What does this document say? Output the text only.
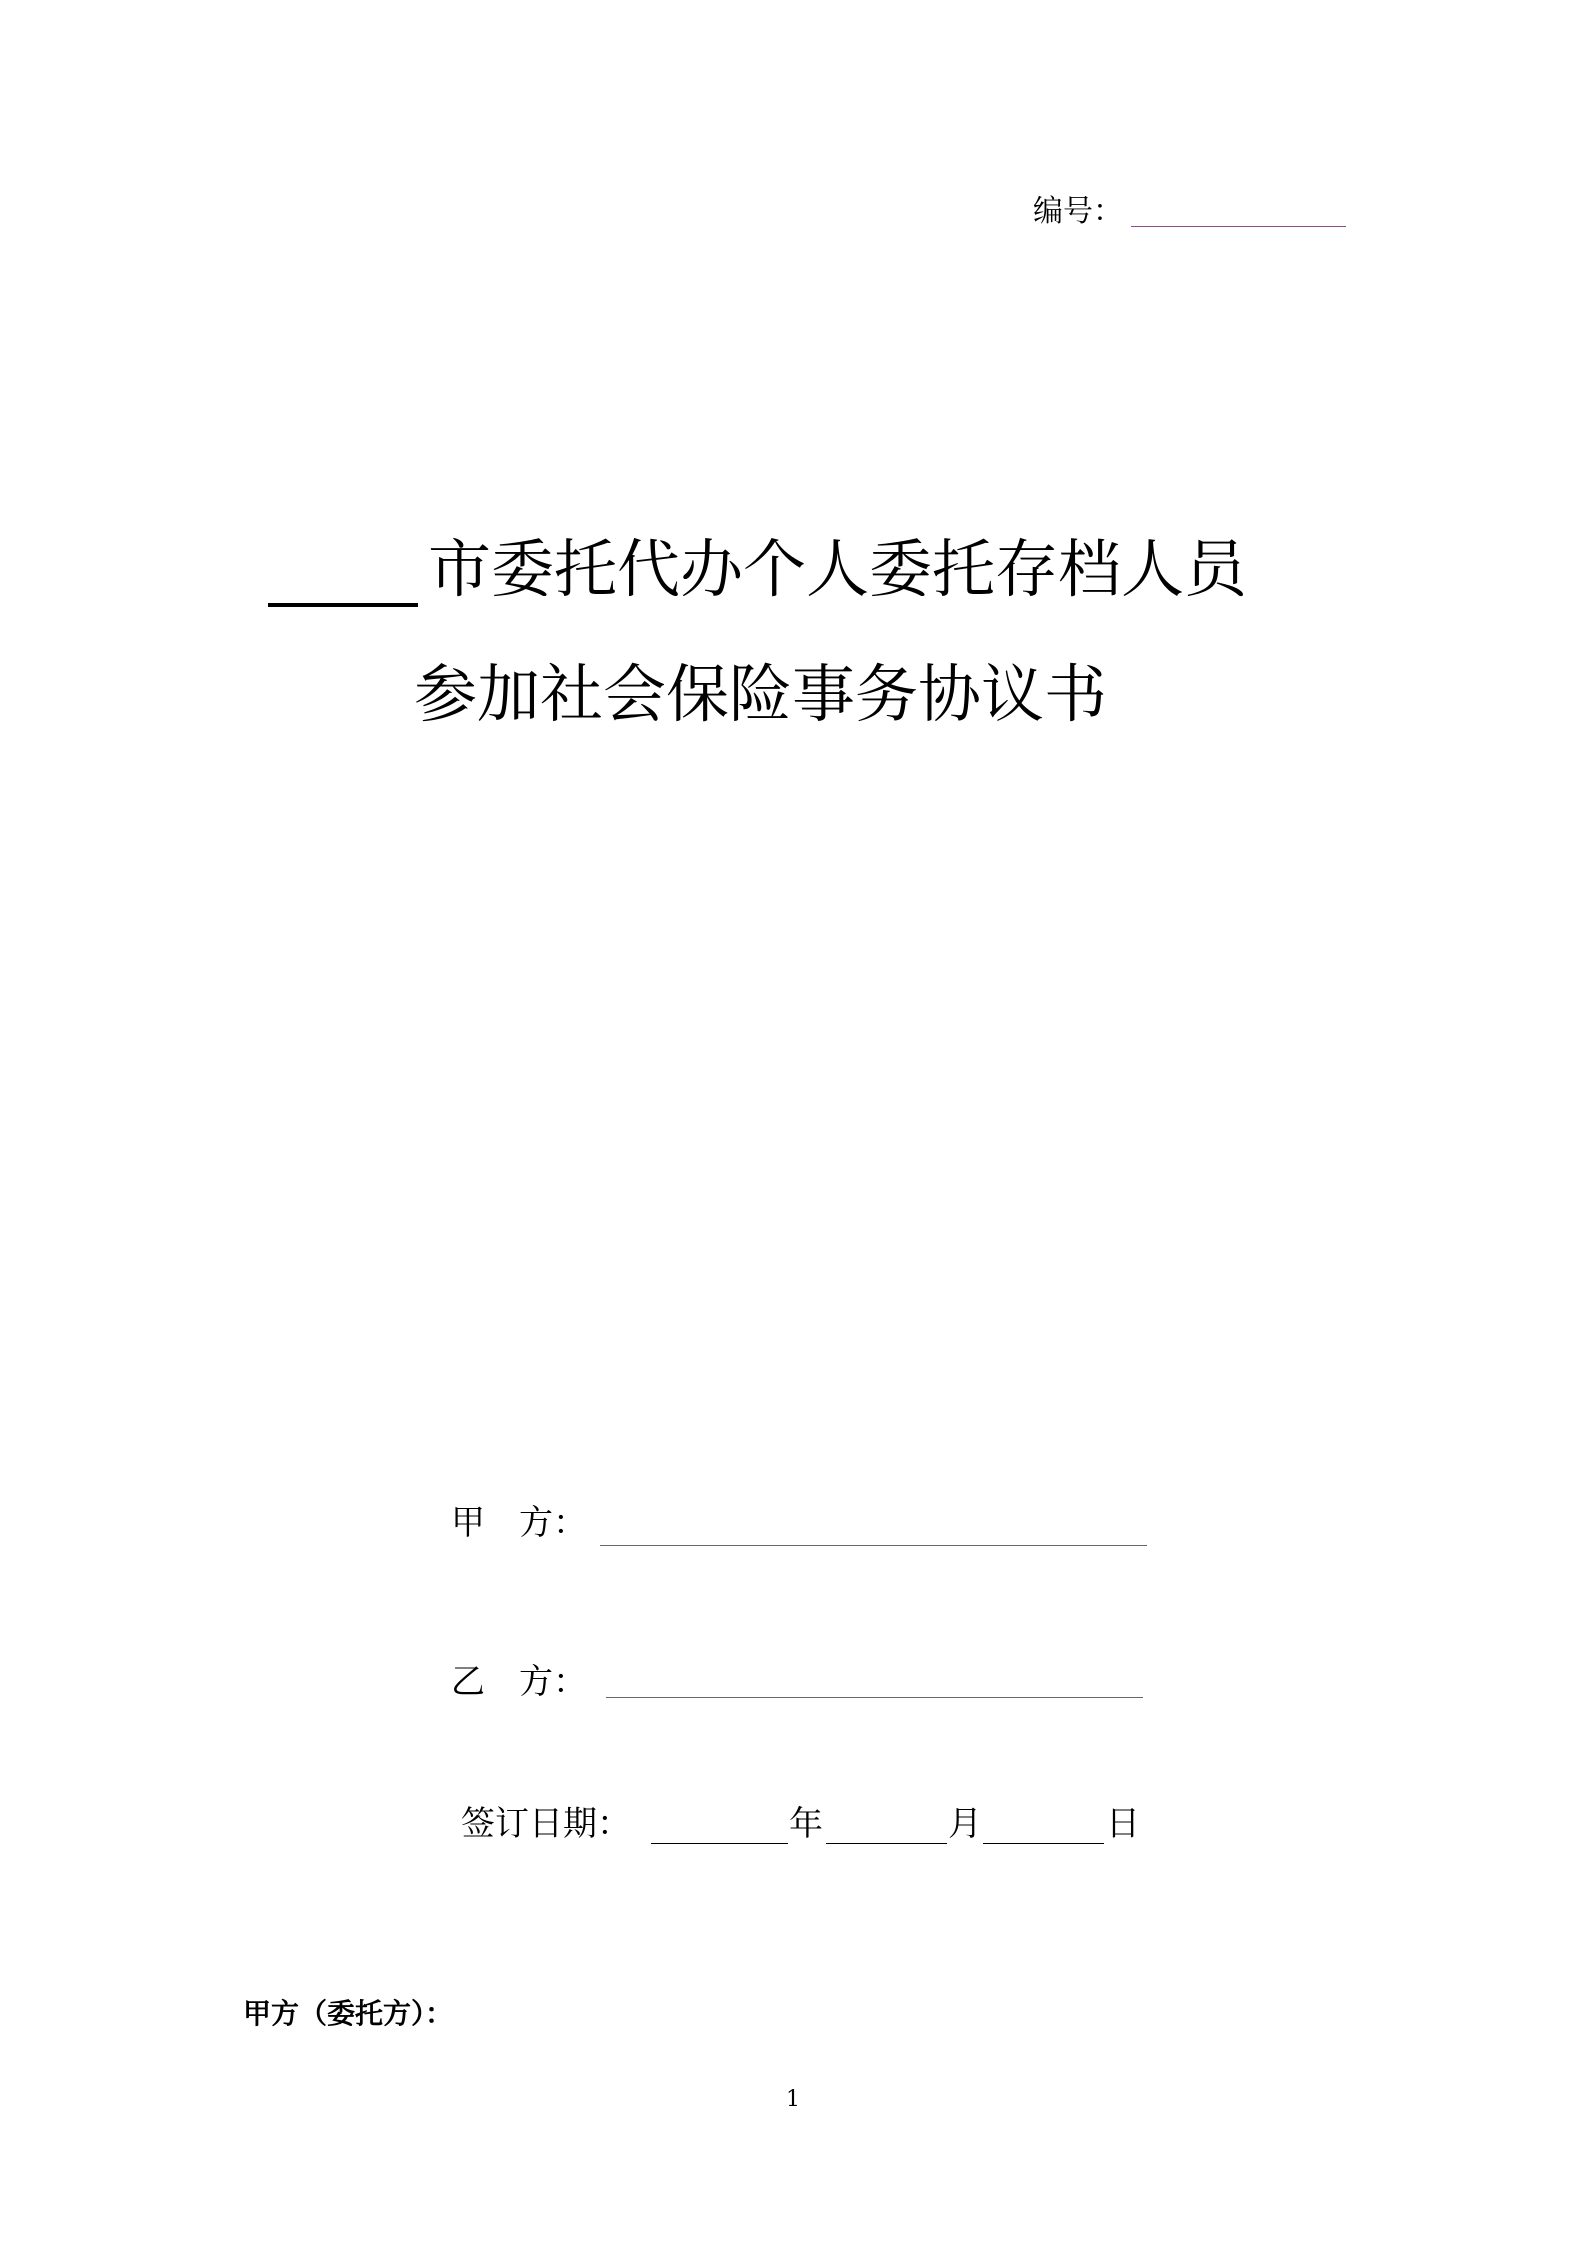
编号：
市委托代办个人委托存档人员
参加社会保险事务协议书
甲　方：
乙　方：
签订日期：	年	月	日
甲方（委托方）：
1
